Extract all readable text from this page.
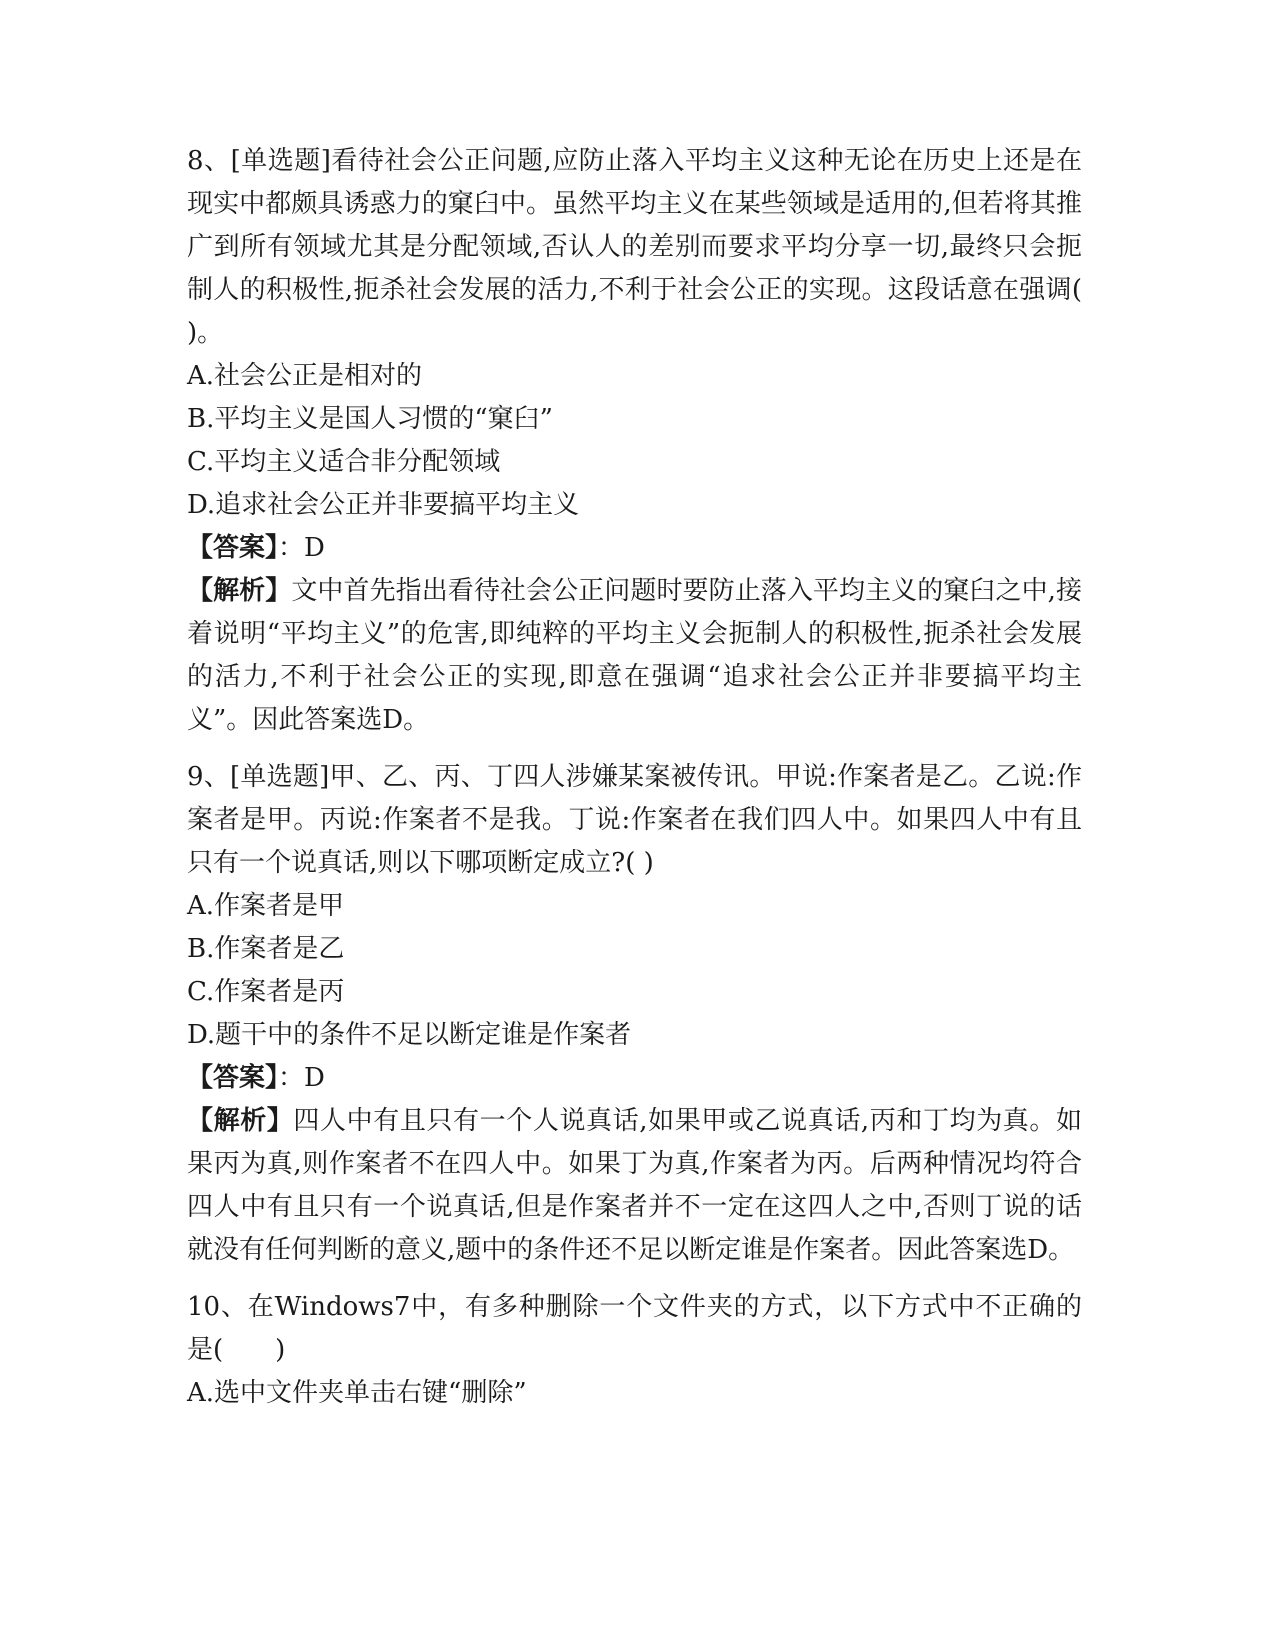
8、[单选题]看待社会公正问题,应防止落入平均主义这种无论在历史上还是在现实中都颇具诱惑力的窠臼中。虽然平均主义在某些领域是适用的,但若将其推广到所有领域尤其是分配领域,否认人的差别而要求平均分享一切,最终只会扼制人的积极性,扼杀社会发展的活力,不利于社会公正的实现。这段话意在强调( )。

A.社会公正是相对的

B.平均主义是国人习惯的“窠臼”

C.平均主义适合非分配领域

D.追求社会公正并非要搞平均主义

【答案】：D

【解析】文中首先指出看待社会公正问题时要防止落入平均主义的窠臼之中,接着说明“平均主义”的危害,即纯粹的平均主义会扼制人的积极性,扼杀社会发展的活力,不利于社会公正的实现,即意在强调“追求社会公正并非要搞平均主义”。因此答案选D。

9、[单选题]甲、乙、丙、丁四人涉嫌某案被传讯。甲说:作案者是乙。乙说:作案者是甲。丙说:作案者不是我。丁说:作案者在我们四人中。如果四人中有且只有一个说真话,则以下哪项断定成立?( )

A.作案者是甲

B.作案者是乙

C.作案者是丙

D.题干中的条件不足以断定谁是作案者

【答案】：D

【解析】四人中有且只有一个人说真话,如果甲或乙说真话,丙和丁均为真。如果丙为真,则作案者不在四人中。如果丁为真,作案者为丙。后两种情况均符合四人中有且只有一个说真话,但是作案者并不一定在这四人之中,否则丁说的话就没有任何判断的意义,题中的条件还不足以断定谁是作案者。因此答案选D。

10、在Windows7中，有多种删除一个文件夹的方式，以下方式中不正确的是(　　)

A.选中文件夹单击右键“删除”
